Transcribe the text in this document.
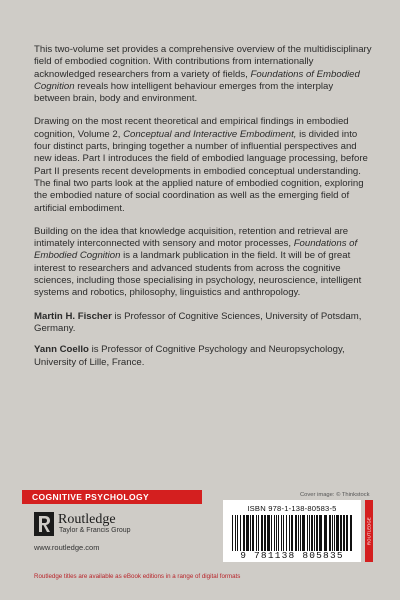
This two-volume set provides a comprehensive overview of the multidisciplinary field of embodied cognition. With contributions from internationally acknowledged researchers from a variety of fields, Foundations of Embodied Cognition reveals how intelligent behaviour emerges from the interplay between brain, body and environment.

Drawing on the most recent theoretical and empirical findings in embodied cognition, Volume 2, Conceptual and Interactive Embodiment, is divided into four distinct parts, bringing together a number of influential perspectives and new ideas. Part I introduces the field of embodied language processing, before Part II presents recent developments in embodied conceptual understanding. The final two parts look at the applied nature of embodied cognition, exploring the embodied nature of social coordination as well as the emerging field of artificial embodiment.

Building on the idea that knowledge acquisition, retention and retrieval are intimately interconnected with sensory and motor processes, Foundations of Embodied Cognition is a landmark publication in the field. It will be of great interest to researchers and advanced students from across the cognitive sciences, including those specialising in psychology, neuroscience, intelligent systems and robotics, philosophy, linguistics and anthropology.

Martin H. Fischer is Professor of Cognitive Sciences, University of Potsdam, Germany.

Yann Coello is Professor of Cognitive Psychology and Neuropsychology, University of Lille, France.

COGNITIVE PSYCHOLOGY
Routledge
Taylor & Francis Group
www.routledge.com
Cover image: © Thinkstock
ISBN 978-1-138-80583-5
9 781138 805835
ROUTLEDGE
Routledge titles are available as eBook editions in a range of digital formats
